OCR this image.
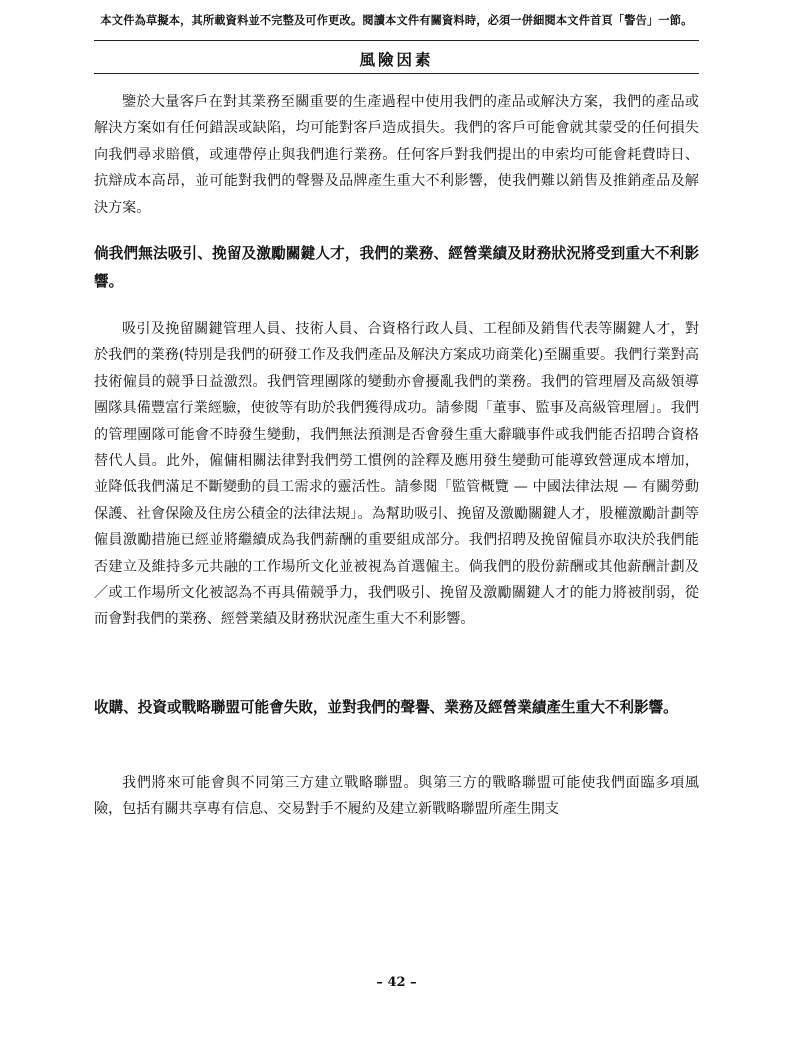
本文件為草擬本，其所載資料並不完整及可作更改。閱讀本文件有關資料時，必須一併細閱本文件首頁「警告」一節。
風險因素

鑒於大量客戶在對其業務至關重要的生產過程中使用我們的產品或解決方案，我們的產品或解決方案如有任何錯誤或缺陷，均可能對客戶造成損失。我們的客戶可能會就其蒙受的任何損失向我們尋求賠償，或連帶停止與我們進行業務。任何客戶對我們提出的申索均可能會耗費時日、抗辯成本高昂，並可能對我們的聲譽及品牌產生重大不利影響，使我們難以銷售及推銷產品及解決方案。

倘我們無法吸引、挽留及激勵關鍵人才，我們的業務、經營業績及財務狀況將受到重大不利影響。

吸引及挽留關鍵管理人員、技術人員、合資格行政人員、工程師及銷售代表等關鍵人才，對於我們的業務(特別是我們的研發工作及我們產品及解決方案成功商業化)至關重要。我們行業對高技術僱員的競爭日益激烈。我們管理團隊的變動亦會擾亂我們的業務。我們的管理層及高級領導團隊具備豐富行業經驗，使彼等有助於我們獲得成功。請參閱「董事、監事及高級管理層」。我們的管理團隊可能會不時發生變動，我們無法預測是否會發生重大辭職事件或我們能否招聘合資格替代人員。此外，僱傭相關法律對我們勞工慣例的詮釋及應用發生變動可能導致營運成本增加，並降低我們滿足不斷變動的員工需求的靈活性。請參閱「監管概覽 — 中國法律法規 — 有關勞動保護、社會保險及住房公積金的法律法規」。為幫助吸引、挽留及激勵關鍵人才，股權激勵計劃等僱員激勵措施已經並將繼續成為我們薪酬的重要組成部分。我們招聘及挽留僱員亦取決於我們能否建立及維持多元共融的工作場所文化並被視為首選僱主。倘我們的股份薪酬或其他薪酬計劃及／或工作場所文化被認為不再具備競爭力，我們吸引、挽留及激勵關鍵人才的能力將被削弱，從而會對我們的業務、經營業績及財務狀況產生重大不利影響。

收購、投資或戰略聯盟可能會失敗，並對我們的聲譽、業務及經營業績產生重大不利影響。

我們將來可能會與不同第三方建立戰略聯盟。與第三方的戰略聯盟可能使我們面臨多項風險，包括有關共享專有信息、交易對手不履約及建立新戰略聯盟所產生開支

– 42 –
